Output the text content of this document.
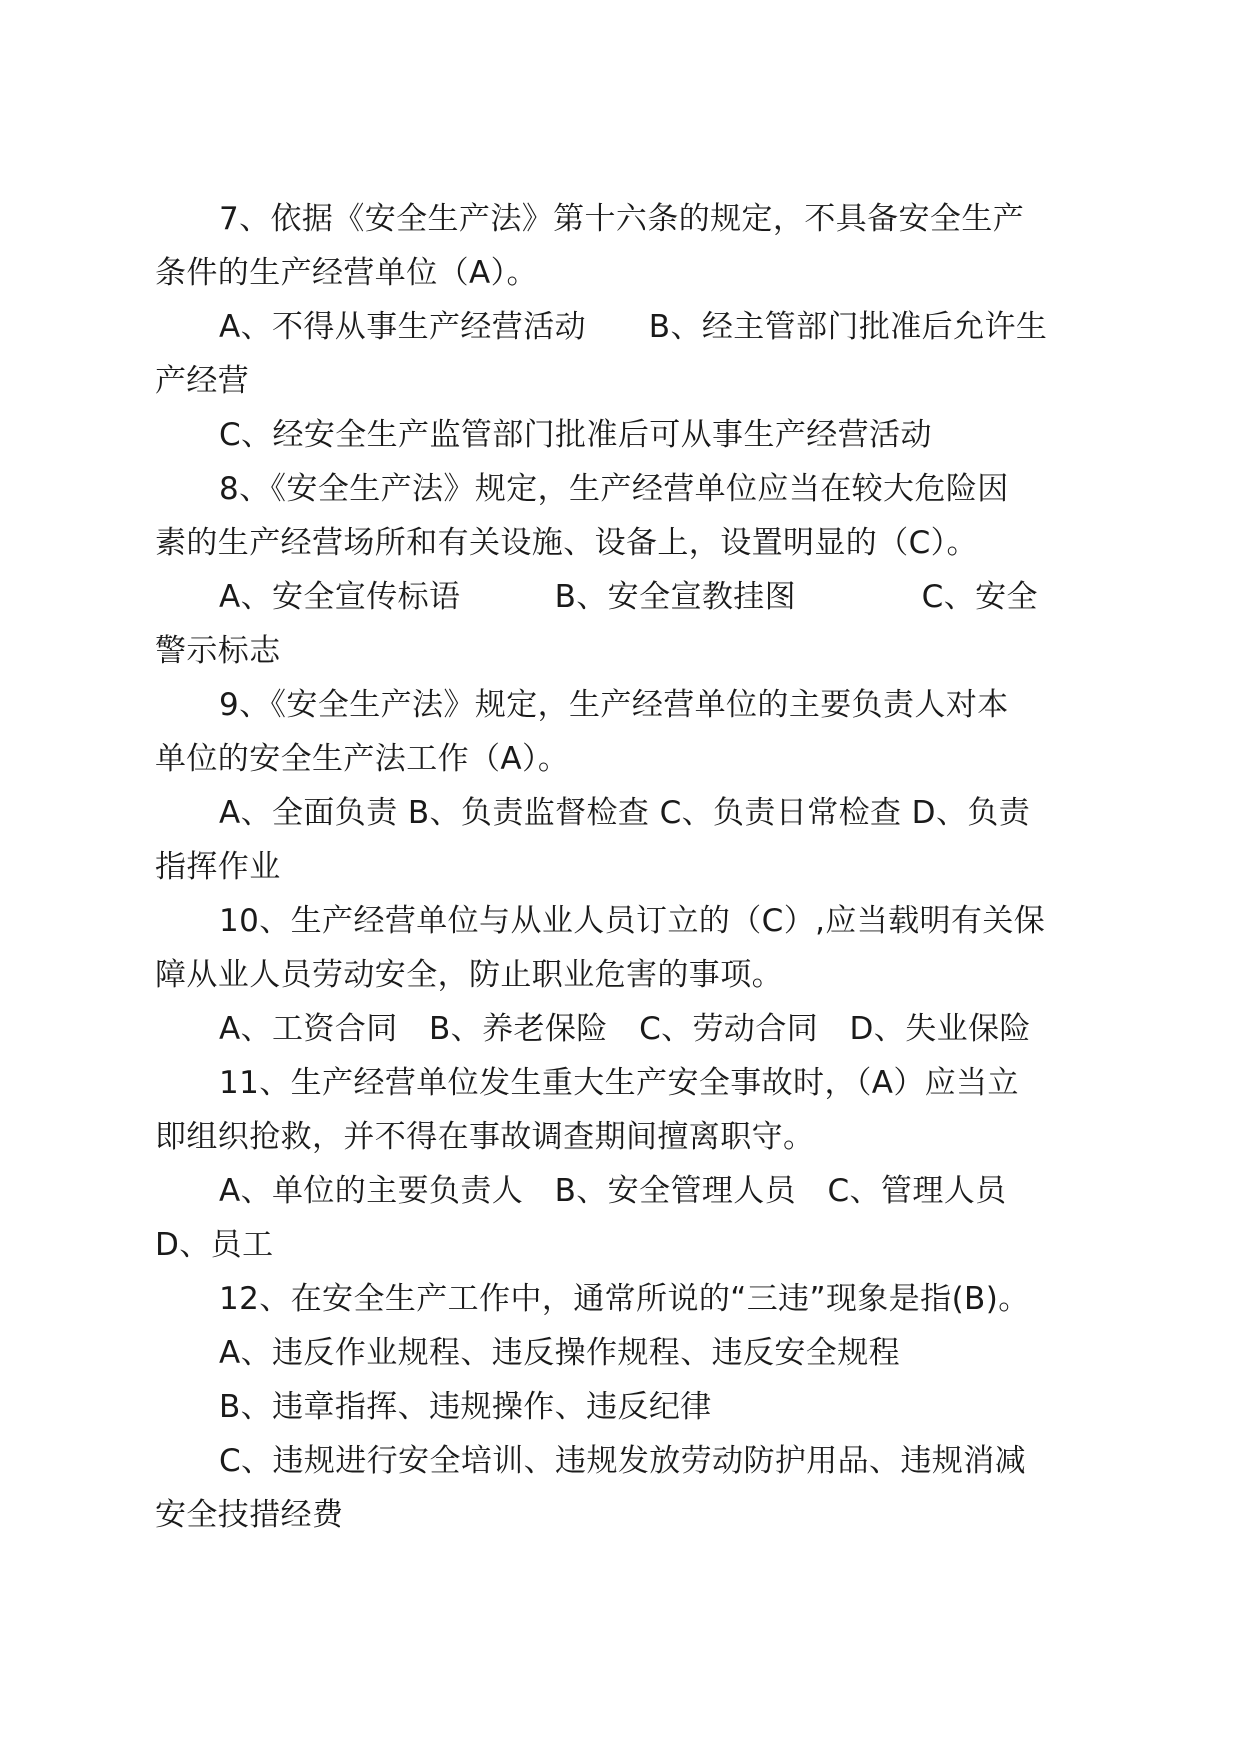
7、依据《安全生产法》第十六条的规定，不具备安全生产
条件的生产经营单位（A）。
A、不得从事生产经营活动　　B、经主管部门批准后允许生
产经营
C、经安全生产监管部门批准后可从事生产经营活动
8、《安全生产法》规定，生产经营单位应当在较大危险因
素的生产经营场所和有关设施、设备上，设置明显的（C）。
A、安全宣传标语　　　B、安全宣教挂图　　　　C、安全
警示标志
9、《安全生产法》规定，生产经营单位的主要负责人对本
单位的安全生产法工作（A）。
A、全面负责 B、负责监督检查 C、负责日常检查 D、负责
指挥作业
10、生产经营单位与从业人员订立的（C）,应当载明有关保
障从业人员劳动安全，防止职业危害的事项。
A、工资合同　B、养老保险　C、劳动合同　D、失业保险
11、生产经营单位发生重大生产安全事故时，（A）应当立
即组织抢救，并不得在事故调查期间擅离职守。
A、单位的主要负责人　B、安全管理人员　C、管理人员
D、员工
12、在安全生产工作中，通常所说的“三违”现象是指(B)。
A、违反作业规程、违反操作规程、违反安全规程
B、违章指挥、违规操作、违反纪律
C、违规进行安全培训、违规发放劳动防护用品、违规消减
安全技措经费
